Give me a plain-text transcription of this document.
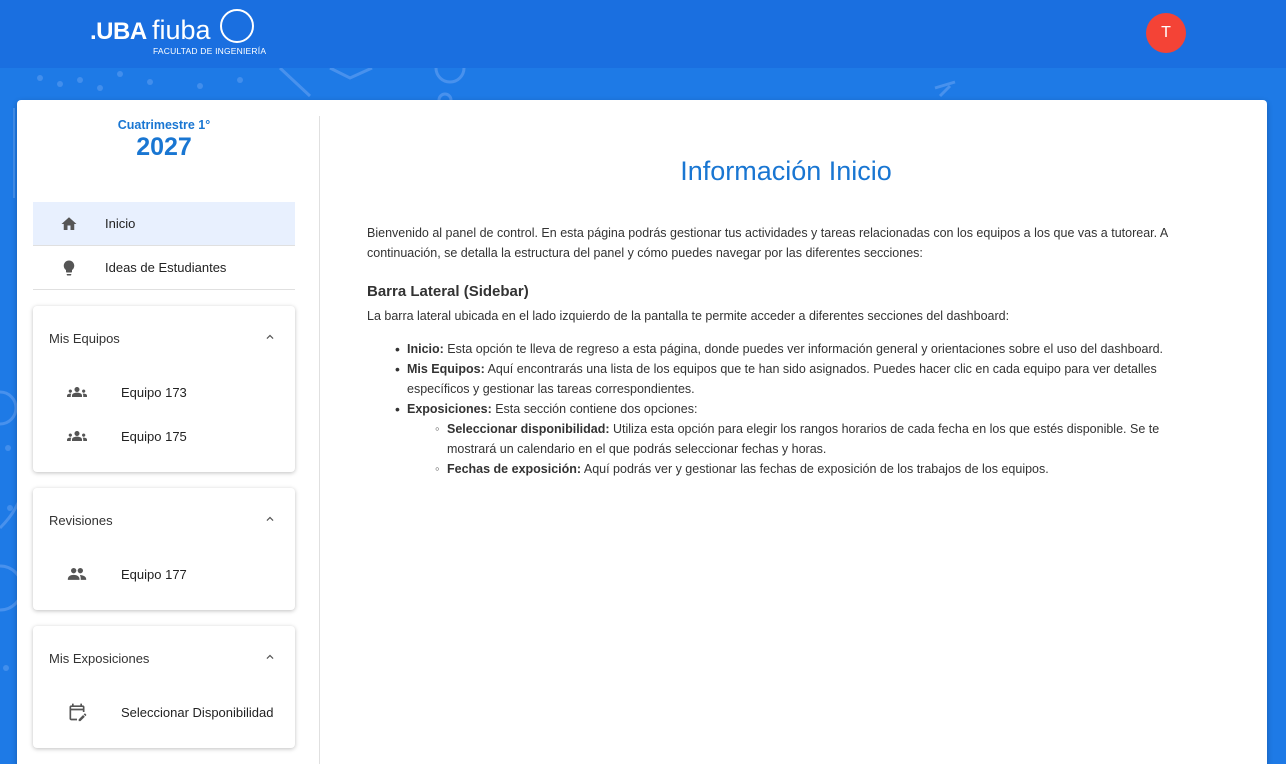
.UBA fiuba
FACULTAD DE INGENIERÍA
T
Cuatrimestre 1°
2027
Inicio
Ideas de Estudiantes
Mis Equipos
Equipo 173
Equipo 175
Revisiones
Equipo 177
Mis Exposiciones
Seleccionar Disponibilidad
Información Inicio

Bienvenido al panel de control. En esta página podrás gestionar tus actividades y tareas relacionadas con los equipos a los que vas a tutorear. A continuación, se detalla la estructura del panel y cómo puedes navegar por las diferentes secciones:

Barra Lateral (Sidebar)

La barra lateral ubicada en el lado izquierdo de la pantalla te permite acceder a diferentes secciones del dashboard:

• Inicio: Esta opción te lleva de regreso a esta página, donde puedes ver información general y orientaciones sobre el uso del dashboard.
• Mis Equipos: Aquí encontrarás una lista de los equipos que te han sido asignados. Puedes hacer clic en cada equipo para ver detalles específicos y gestionar las tareas correspondientes.
• Exposiciones: Esta sección contiene dos opciones:
◦ Seleccionar disponibilidad: Utiliza esta opción para elegir los rangos horarios de cada fecha en los que estés disponible. Se te mostrará un calendario en el que podrás seleccionar fechas y horas.
◦ Fechas de exposición: Aquí podrás ver y gestionar las fechas de exposición de los trabajos de los equipos.
